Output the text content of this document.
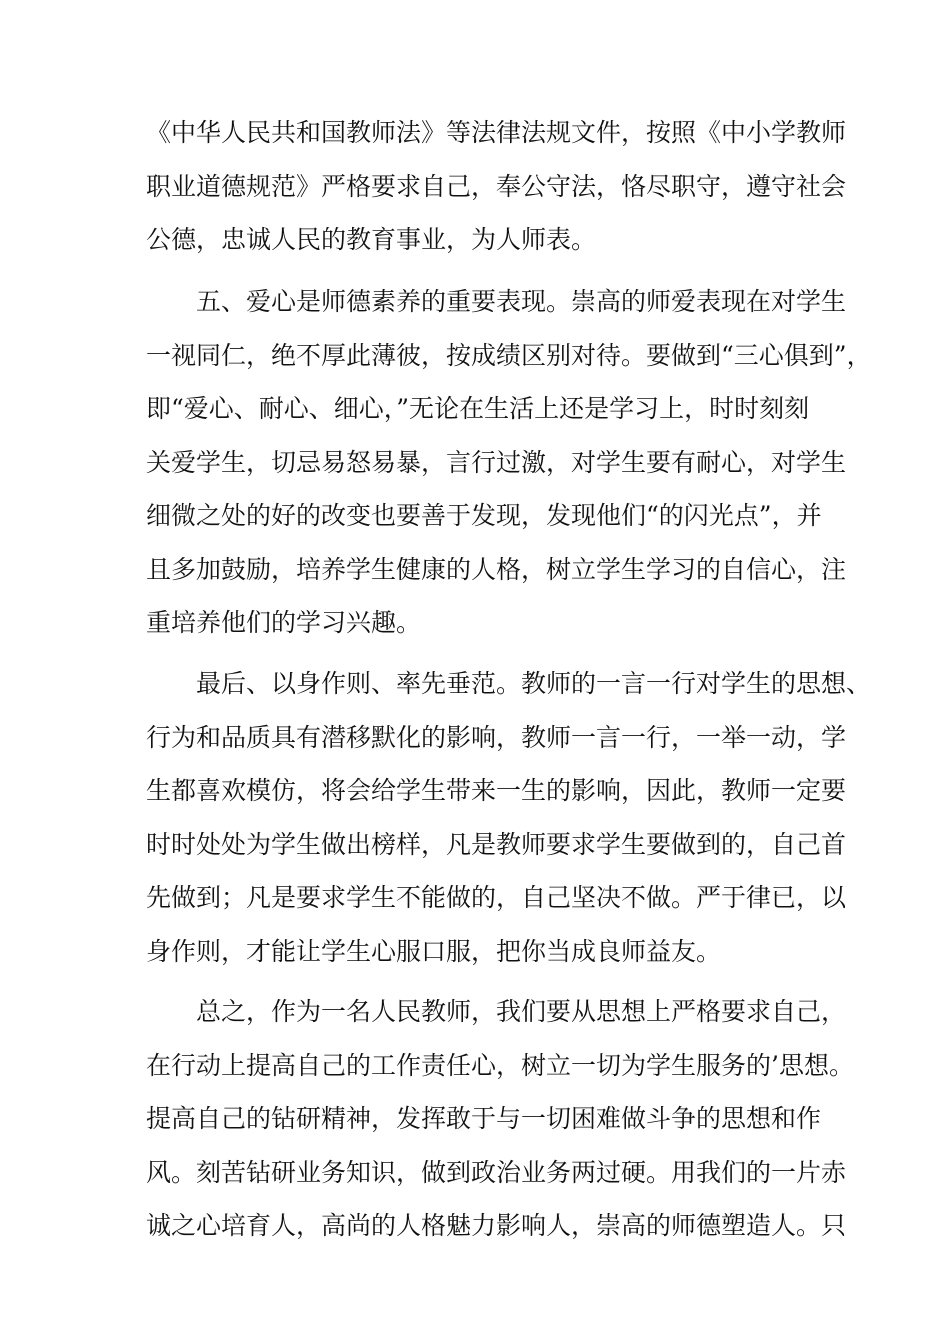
《中华人民共和国教师法》等法律法规文件，按照《中小学教师
职业道德规范》严格要求自己，奉公守法，恪尽职守，遵守社会
公德，忠诚人民的教育事业，为人师表。
五、爱心是师德素养的重要表现。崇高的师爱表现在对学生
一视同仁，绝不厚此薄彼，按成绩区别对待。要做到“三心俱到”，
即“爱心、耐心、细心，”无论在生活上还是学习上，时时刻刻
关爱学生，切忌易怒易暴，言行过激，对学生要有耐心，对学生
细微之处的好的改变也要善于发现，发现他们“的闪光点”，并
且多加鼓励，培养学生健康的人格，树立学生学习的自信心，注
重培养他们的学习兴趣。
最后、以身作则、率先垂范。教师的一言一行对学生的思想、
行为和品质具有潜移默化的影响，教师一言一行，一举一动，学
生都喜欢模仿，将会给学生带来一生的影响，因此，教师一定要
时时处处为学生做出榜样，凡是教师要求学生要做到的，自己首
先做到；凡是要求学生不能做的，自己坚决不做。严于律已，以
身作则，才能让学生心服口服，把你当成良师益友。
总之，作为一名人民教师，我们要从思想上严格要求自己，
在行动上提高自己的工作责任心，树立一切为学生服务的’思想。
提高自己的钻研精神，发挥敢于与一切困难做斗争的思想和作
风。刻苦钻研业务知识，做到政治业务两过硬。用我们的一片赤
诚之心培育人，高尚的人格魅力影响人，崇高的师德塑造人。只
